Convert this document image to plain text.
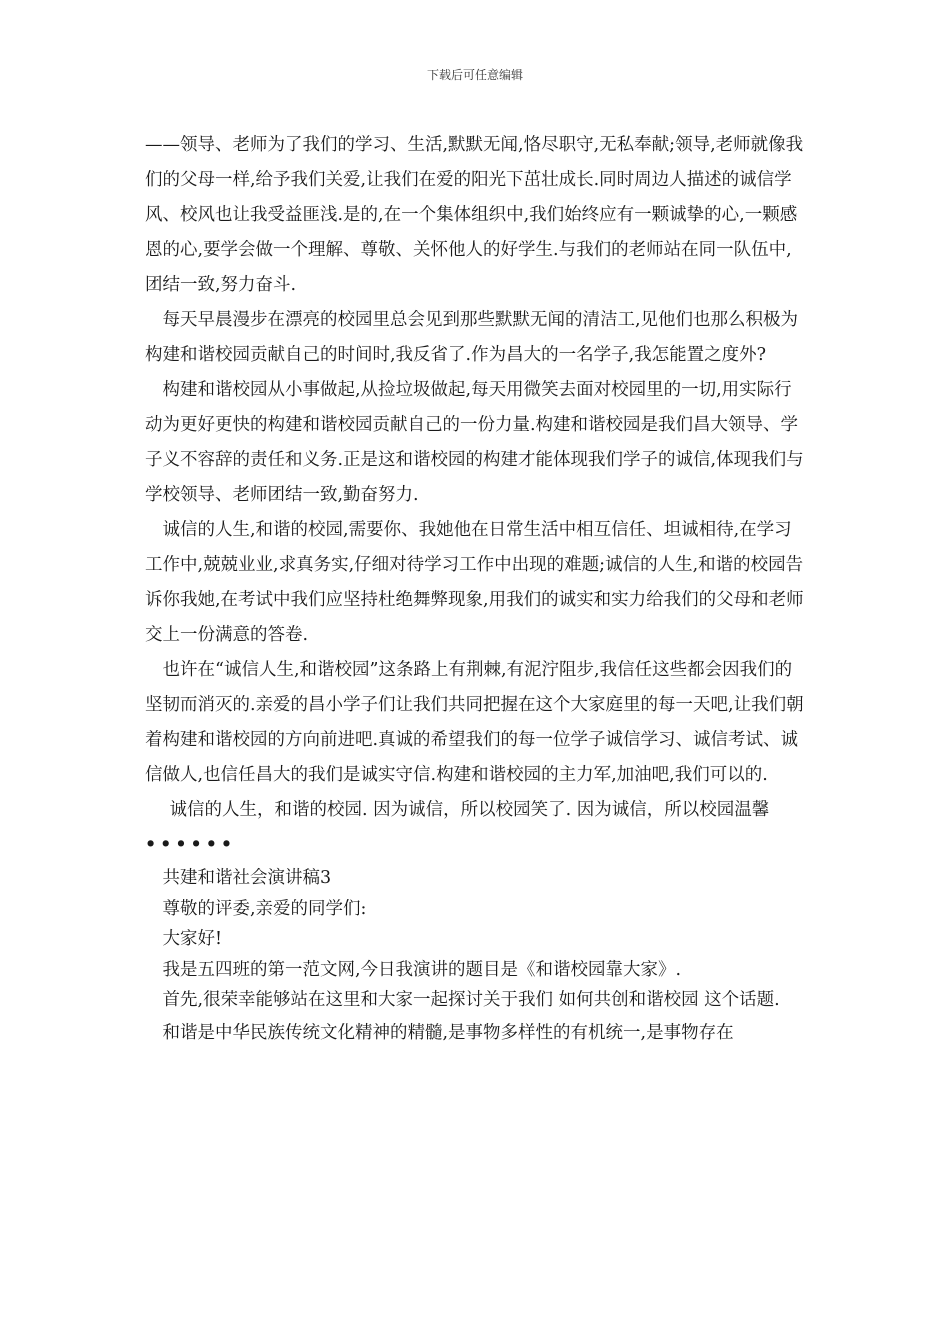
下载后可任意编辑

——领导、老师为了我们的学习、生活,默默无闻,恪尽职守,无私奉献;领导,老师就像我们的父母一样,给予我们关爱,让我们在爱的阳光下茁壮成长.同时周边人描述的诚信学风、校风也让我受益匪浅.是的,在一个集体组织中,我们始终应有一颗诚挚的心,一颗感恩的心,要学会做一个理解、尊敬、关怀他人的好学生.与我们的老师站在同一队伍中,团结一致,努力奋斗.

每天早晨漫步在漂亮的校园里总会见到那些默默无闻的清洁工,见他们也那么积极为构建和谐校园贡献自己的时间时,我反省了.作为昌大的一名学子,我怎能置之度外?

构建和谐校园从小事做起,从捡垃圾做起,每天用微笑去面对校园里的一切,用实际行动为更好更快的构建和谐校园贡献自己的一份力量.构建和谐校园是我们昌大领导、学子义不容辞的责任和义务.正是这和谐校园的构建才能体现我们学子的诚信,体现我们与学校领导、老师团结一致,勤奋努力.

诚信的人生,和谐的校园,需要你、我她他在日常生活中相互信任、坦诚相待,在学习工作中,兢兢业业,求真务实,仔细对待学习工作中出现的难题;诚信的人生,和谐的校园告诉你我她,在考试中我们应坚持杜绝舞弊现象,用我们的诚实和实力给我们的父母和老师交上一份满意的答卷.

也许在“诚信人生,和谐校园”这条路上有荆棘,有泥泞阻步,我信任这些都会因我们的坚韧而消灭的.亲爱的昌小学子们让我们共同把握在这个大家庭里的每一天吧,让我们朝着构建和谐校园的方向前进吧.真诚的希望我们的每一位学子诚信学习、诚信考试、诚信做人,也信任昌大的我们是诚实守信.构建和谐校园的主力军,加油吧,我们可以的.

诚信的人生，和谐的校园. 因为诚信，所以校园笑了. 因为诚信，所以校园温馨••••••

共建和谐社会演讲稿3

尊敬的评委,亲爱的同学们:

大家好!

我是五四班的第一范文网,今日我演讲的题目是《和谐校园靠大家》.

首先,很荣幸能够站在这里和大家一起探讨关于我们 如何共创和谐校园 这个话题.

和谐是中华民族传统文化精神的精髓,是事物多样性的有机统一,是事物存在
